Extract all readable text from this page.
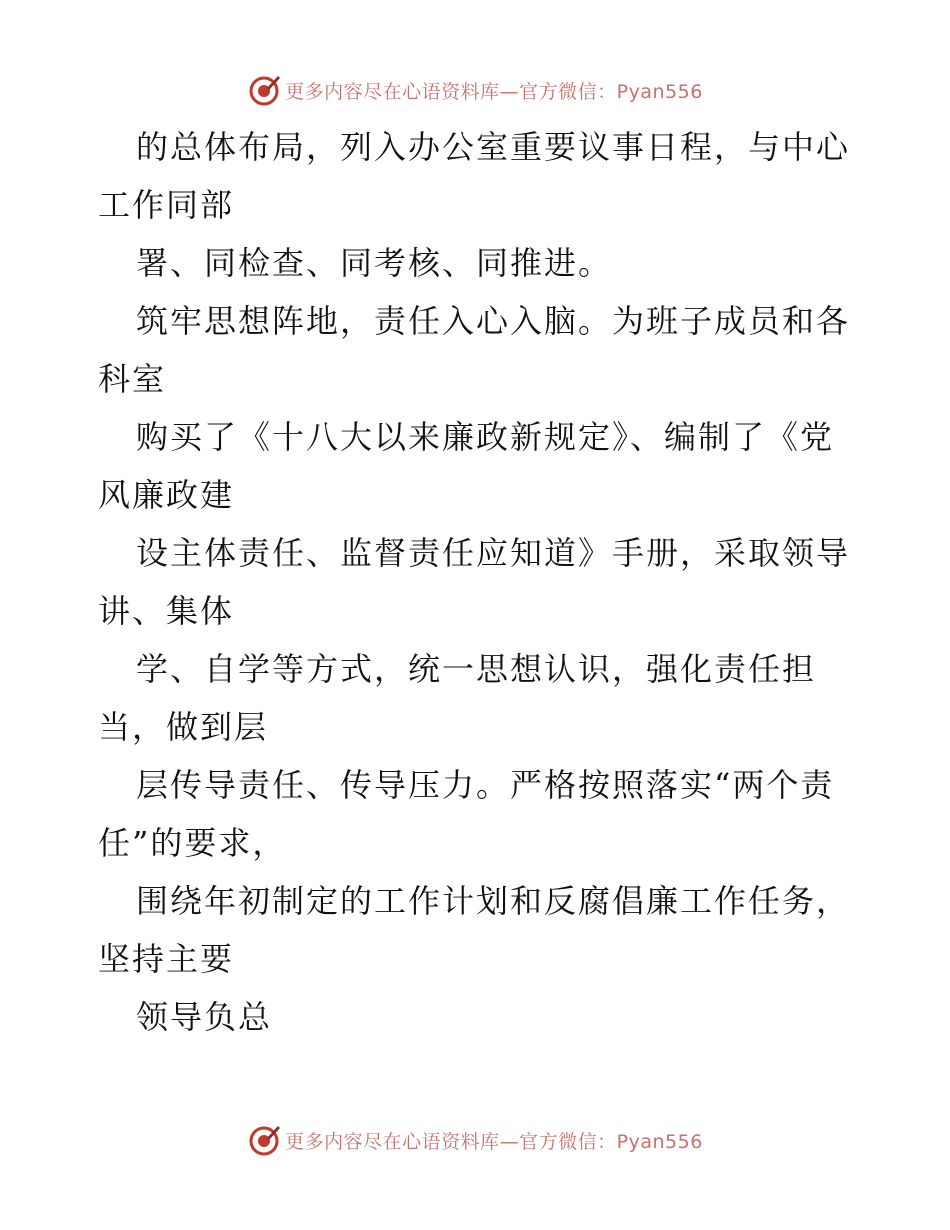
更多内容尽在心语资料库—官方微信：Pyan556
的总体布局，列入办公室重要议事日程，与中心
工作同部
署、同检查、同考核、同推进。
筑牢思想阵地，责任入心入脑。为班子成员和各
科室
购买了《十八大以来廉政新规定》、编制了《党
风廉政建
设主体责任、监督责任应知道》手册，采取领导
讲、集体
学、自学等方式，统一思想认识，强化责任担
当，做到层
层传导责任、传导压力。严格按照落实“两个责
任”的要求，
围绕年初制定的工作计划和反腐倡廉工作任务，
坚持主要
领导负总
更多内容尽在心语资料库—官方微信：Pyan556
